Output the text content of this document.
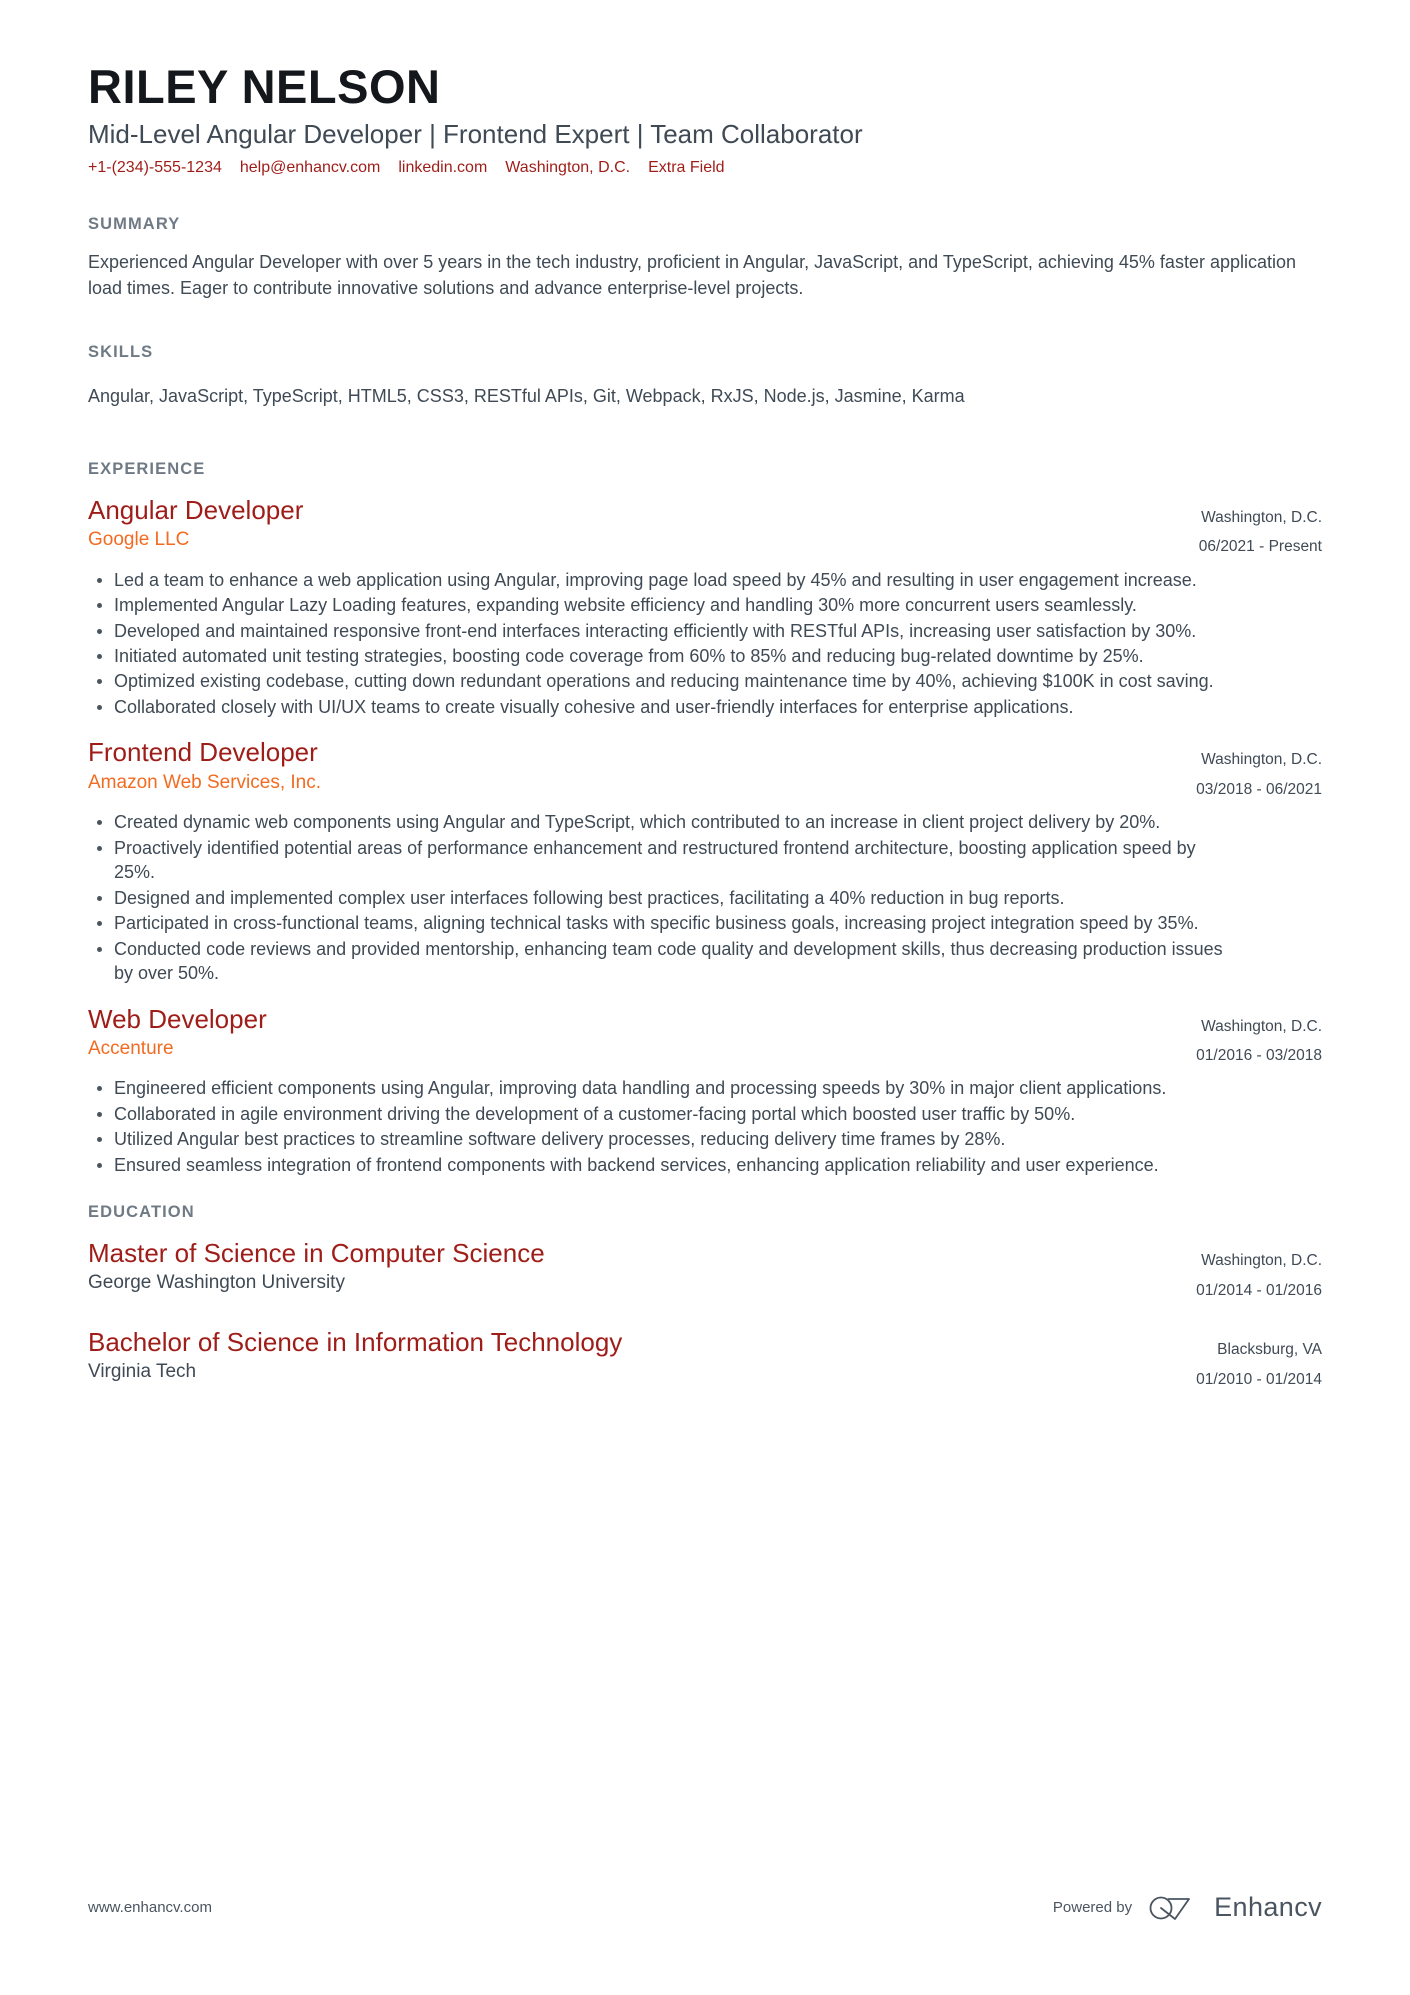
RILEY NELSON
Mid-Level Angular Developer | Frontend Expert | Team Collaborator
+1-(234)-555-1234 help@enhancv.com linkedin.com Washington, D.C. Extra Field
SUMMARY
Experienced Angular Developer with over 5 years in the tech industry, proficient in Angular, JavaScript, and TypeScript, achieving 45% faster application load times. Eager to contribute innovative solutions and advance enterprise-level projects.
SKILLS
Angular, JavaScript, TypeScript, HTML5, CSS3, RESTful APIs, Git, Webpack, RxJS, Node.js, Jasmine, Karma
EXPERIENCE
Angular Developer
Google LLC
Washington, D.C.
06/2021 - Present
Led a team to enhance a web application using Angular, improving page load speed by 45% and resulting in user engagement increase.
Implemented Angular Lazy Loading features, expanding website efficiency and handling 30% more concurrent users seamlessly.
Developed and maintained responsive front-end interfaces interacting efficiently with RESTful APIs, increasing user satisfaction by 30%.
Initiated automated unit testing strategies, boosting code coverage from 60% to 85% and reducing bug-related downtime by 25%.
Optimized existing codebase, cutting down redundant operations and reducing maintenance time by 40%, achieving $100K in cost saving.
Collaborated closely with UI/UX teams to create visually cohesive and user-friendly interfaces for enterprise applications.
Frontend Developer
Amazon Web Services, Inc.
Washington, D.C.
03/2018 - 06/2021
Created dynamic web components using Angular and TypeScript, which contributed to an increase in client project delivery by 20%.
Proactively identified potential areas of performance enhancement and restructured frontend architecture, boosting application speed by 25%.
Designed and implemented complex user interfaces following best practices, facilitating a 40% reduction in bug reports.
Participated in cross-functional teams, aligning technical tasks with specific business goals, increasing project integration speed by 35%.
Conducted code reviews and provided mentorship, enhancing team code quality and development skills, thus decreasing production issues by over 50%.
Web Developer
Accenture
Washington, D.C.
01/2016 - 03/2018
Engineered efficient components using Angular, improving data handling and processing speeds by 30% in major client applications.
Collaborated in agile environment driving the development of a customer-facing portal which boosted user traffic by 50%.
Utilized Angular best practices to streamline software delivery processes, reducing delivery time frames by 28%.
Ensured seamless integration of frontend components with backend services, enhancing application reliability and user experience.
EDUCATION
Master of Science in Computer Science
George Washington University
Washington, D.C.
01/2014 - 01/2016
Bachelor of Science in Information Technology
Virginia Tech
Blacksburg, VA
01/2010 - 01/2014
www.enhancv.com	Powered by	Enhancv
